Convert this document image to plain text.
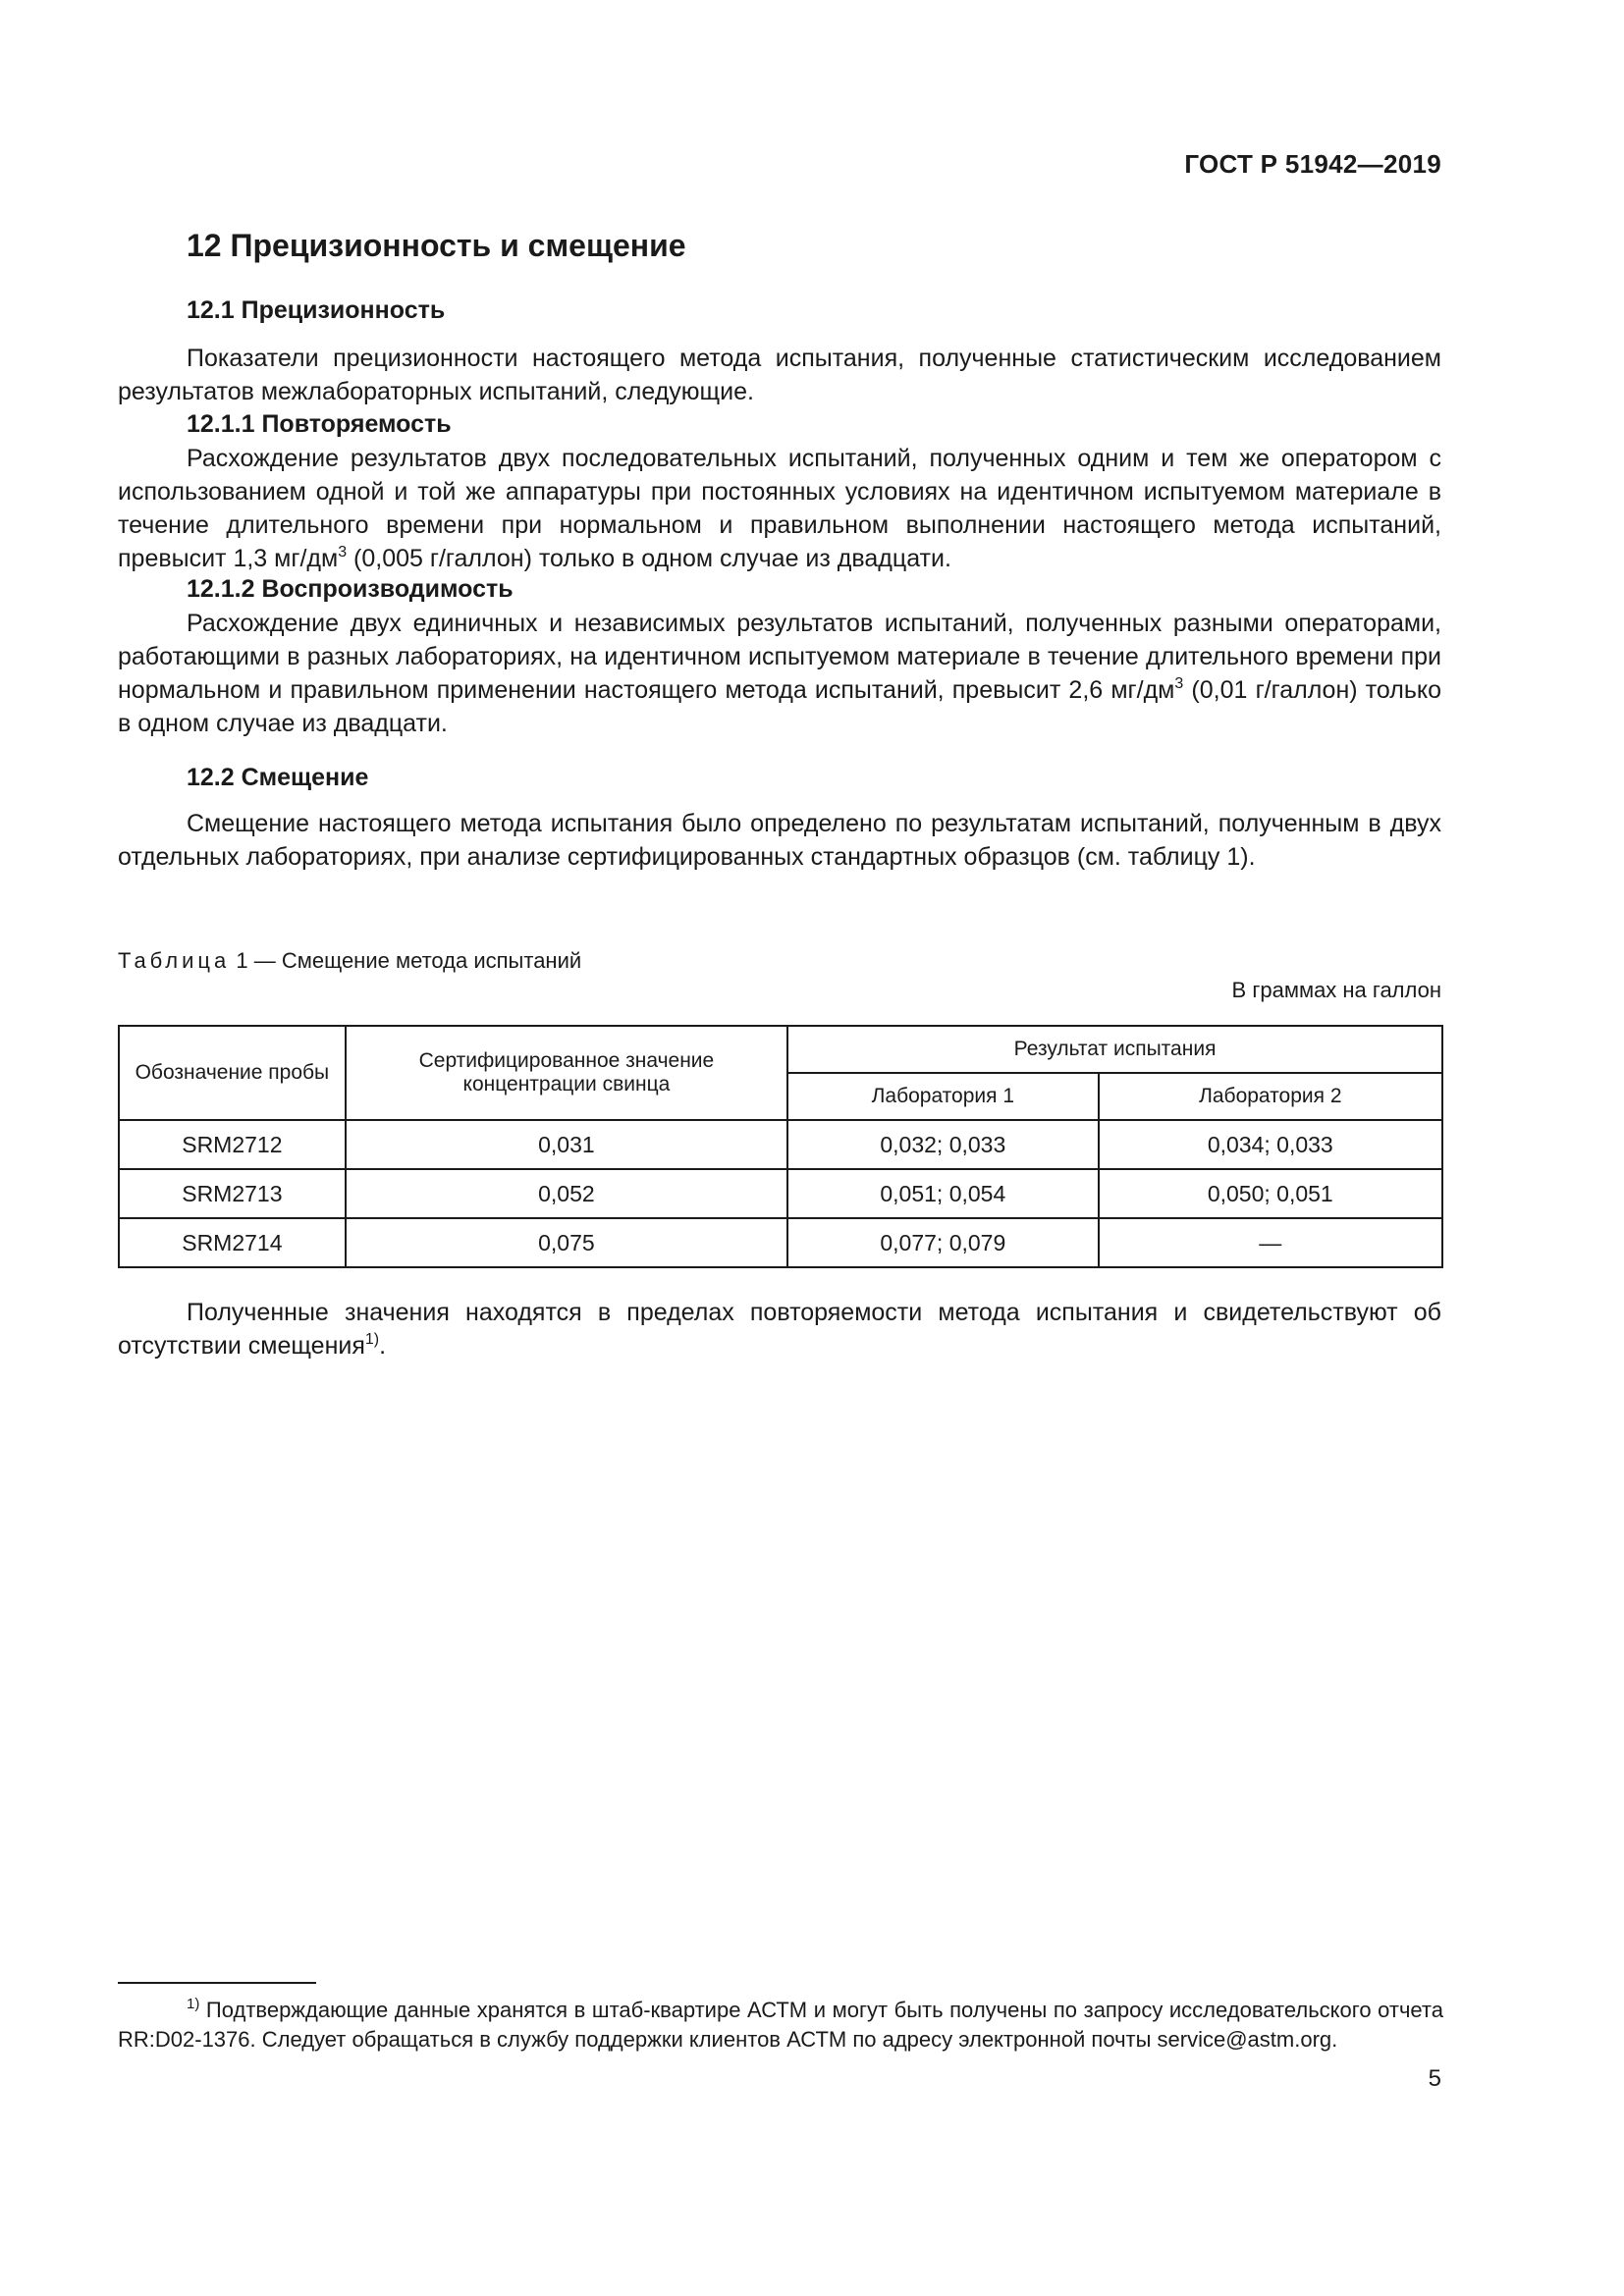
ГОСТ Р 51942—2019
12 Прецизионность и смещение
12.1 Прецизионность

Показатели прецизионности настоящего метода испытания, полученные статистическим исследованием результатов межлабораторных испытаний, следующие.

12.1.1 Повторяемость

Расхождение результатов двух последовательных испытаний, полученных одним и тем же оператором с использованием одной и той же аппаратуры при постоянных условиях на идентичном испытуемом материале в течение длительного времени при нормальном и правильном выполнении настоящего метода испытаний, превысит 1,3 $мг/дм^3$ (0,005 г/галлон) только в одном случае из двадцати.

12.1.2 Воспроизводимость

Расхождение двух единичных и независимых результатов испытаний, полученных разными операторами, работающими в разных лабораториях, на идентичном испытуемом материале в течение длительного времени при нормальном и правильном применении настоящего метода испытаний, превысит 2,6 $мг/дм^3$ (0,01 г/галлон) только в одном случае из двадцати.

12.2 Смещение

Смещение настоящего метода испытания было определено по результатам испытаний, полученным в двух отдельных лабораториях, при анализе сертифицированных стандартных образцов (см. таблицу 1).

Таблица 1 — Смещение метода испытаний
В граммах на галлон
Обозначение пробы	Сертифицированное значение концентрации свинца	Результат испытания	
		Лаборатория 1	Лаборатория 2
SRM2712	0,031	0,032; 0,033	0,034; 0,033
SRM2713	0,052	0,051; 0,054	0,050; 0,051
SRM2714	0,075	0,077; 0,079	—

Полученные значения находятся в пределах повторяемости метода испытания и свидетельствуют об отсутствии смещения$^{1)}$.

$^{1)}$ Подтверждающие данные хранятся в штаб-квартире АСТМ и могут быть получены по запросу исследовательского отчета RR:D02-1376. Следует обращаться в службу поддержки клиентов АСТМ по адресу электронной почты service@astm.org.

5
